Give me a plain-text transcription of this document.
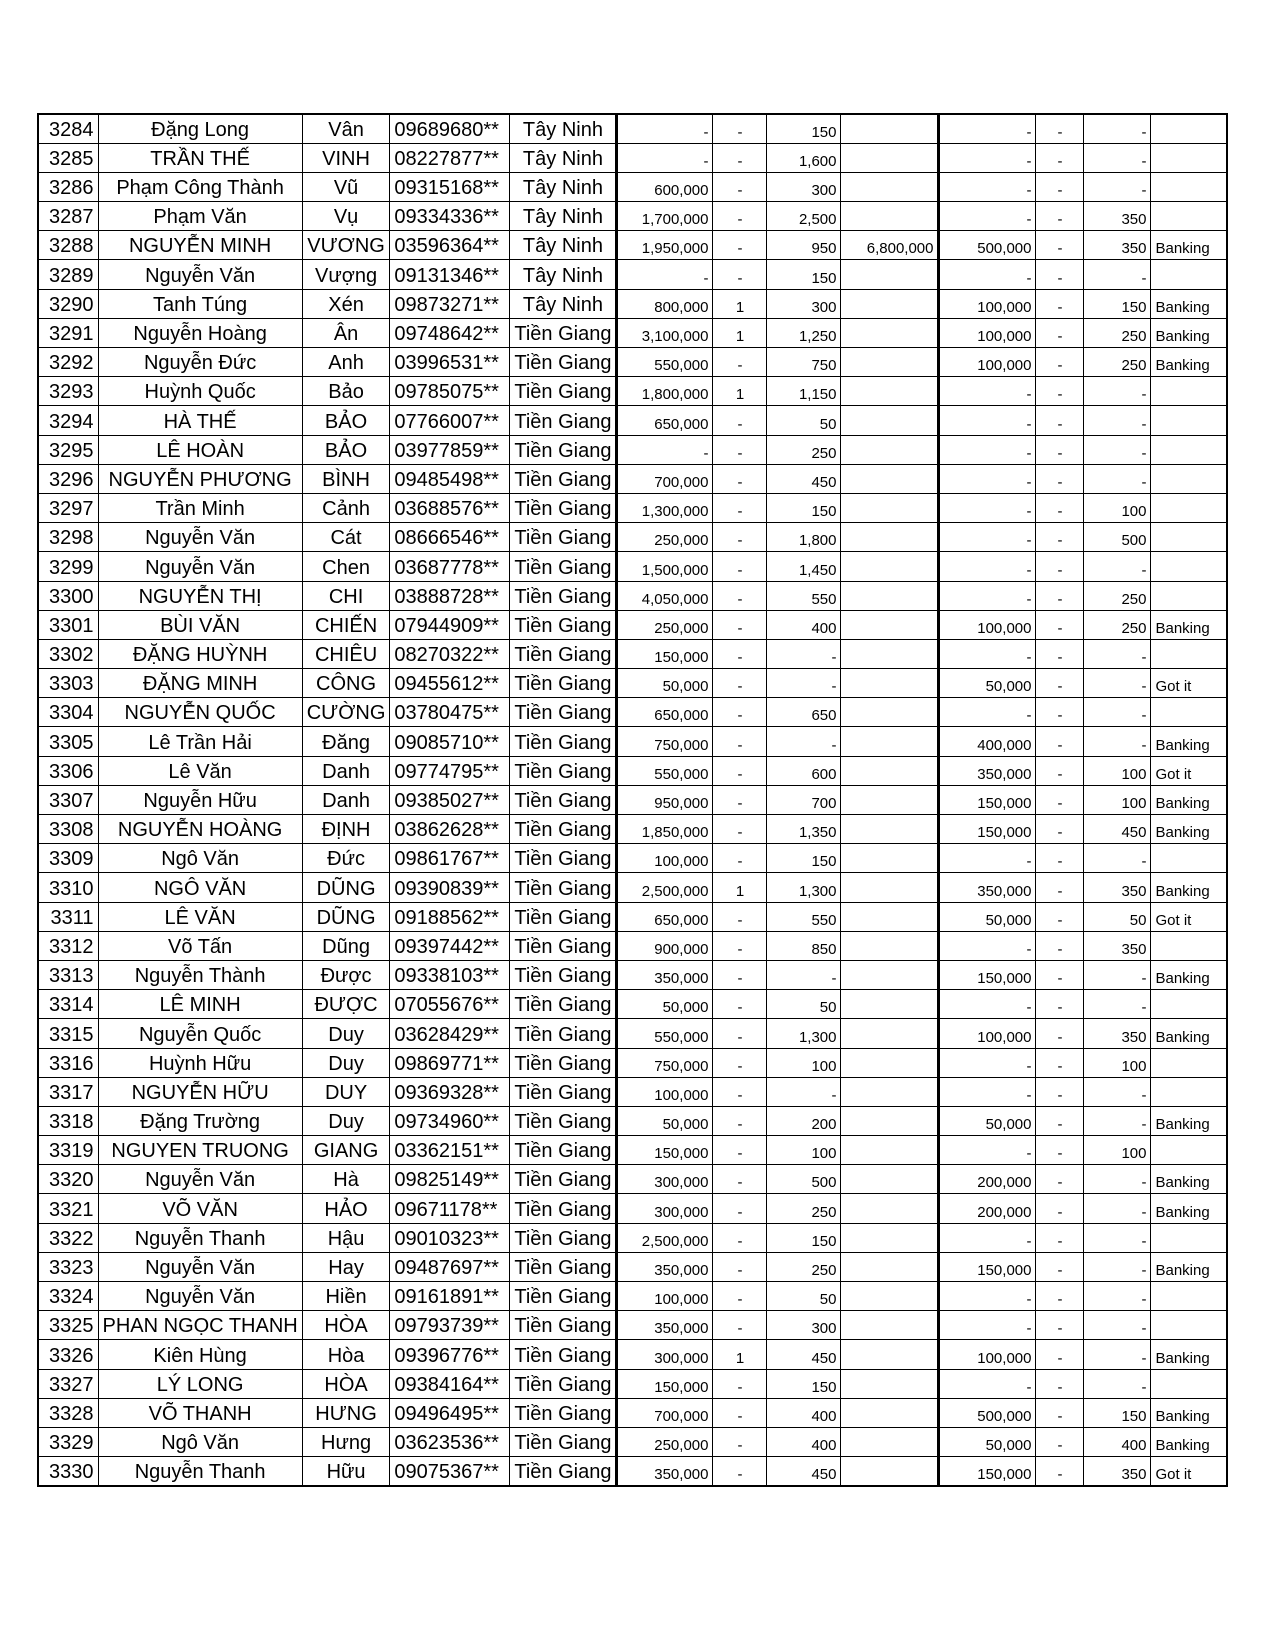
3284	Đặng Long	Vân	09689680**	Tây Ninh	-	-	150		-	-	-	
3285	TRẦN THẾ	VINH	08227877**	Tây Ninh	-	-	1,600		-	-	-	
3286	Phạm Công Thành	Vũ	09315168**	Tây Ninh	600,000	-	300		-	-	-	
3287	Phạm Văn	Vụ	09334336**	Tây Ninh	1,700,000	-	2,500		-	-	350	
3288	NGUYỄN MINH	VƯƠNG	03596364**	Tây Ninh	1,950,000	-	950	6,800,000	500,000	-	350	Banking
3289	Nguyễn Văn	Vượng	09131346**	Tây Ninh	-	-	150		-	-	-	
3290	Tanh Túng	Xén	09873271**	Tây Ninh	800,000	1	300		100,000	-	150	Banking
3291	Nguyễn Hoàng	Ân	09748642**	Tiền Giang	3,100,000	1	1,250		100,000	-	250	Banking
3292	Nguyễn Đức	Anh	03996531**	Tiền Giang	550,000	-	750		100,000	-	250	Banking
3293	Huỳnh Quốc	Bảo	09785075**	Tiền Giang	1,800,000	1	1,150		-	-	-	
3294	HÀ THẾ	BẢO	07766007**	Tiền Giang	650,000	-	50		-	-	-	
3295	LÊ HOÀN	BẢO	03977859**	Tiền Giang	-	-	250		-	-	-	
3296	NGUYỄN PHƯƠNG	BÌNH	09485498**	Tiền Giang	700,000	-	450		-	-	-	
3297	Trần Minh	Cảnh	03688576**	Tiền Giang	1,300,000	-	150		-	-	100	
3298	Nguyễn Văn	Cát	08666546**	Tiền Giang	250,000	-	1,800		-	-	500	
3299	Nguyễn Văn	Chen	03687778**	Tiền Giang	1,500,000	-	1,450		-	-	-	
3300	NGUYỄN THỊ	CHI	03888728**	Tiền Giang	4,050,000	-	550		-	-	250	
3301	BÙI VĂN	CHIẾN	07944909**	Tiền Giang	250,000	-	400		100,000	-	250	Banking
3302	ĐẶNG HUỲNH	CHIÊU	08270322**	Tiền Giang	150,000	-	-		-	-	-	
3303	ĐẶNG MINH	CÔNG	09455612**	Tiền Giang	50,000	-	-		50,000	-	-	Got it
3304	NGUYỄN QUỐC	CƯỜNG	03780475**	Tiền Giang	650,000	-	650		-	-	-	
3305	Lê Trần Hải	Đăng	09085710**	Tiền Giang	750,000	-	-		400,000	-	-	Banking
3306	Lê Văn	Danh	09774795**	Tiền Giang	550,000	-	600		350,000	-	100	Got it
3307	Nguyễn Hữu	Danh	09385027**	Tiền Giang	950,000	-	700		150,000	-	100	Banking
3308	NGUYỄN HOÀNG	ĐỊNH	03862628**	Tiền Giang	1,850,000	-	1,350		150,000	-	450	Banking
3309	Ngô Văn	Đức	09861767**	Tiền Giang	100,000	-	150		-	-	-	
3310	NGÔ VĂN	DŨNG	09390839**	Tiền Giang	2,500,000	1	1,300		350,000	-	350	Banking
3311	LÊ VĂN	DŨNG	09188562**	Tiền Giang	650,000	-	550		50,000	-	50	Got it
3312	Võ Tấn	Dũng	09397442**	Tiền Giang	900,000	-	850		-	-	350	
3313	Nguyễn Thành	Được	09338103**	Tiền Giang	350,000	-	-		150,000	-	-	Banking
3314	LÊ MINH	ĐƯỢC	07055676**	Tiền Giang	50,000	-	50		-	-	-	
3315	Nguyễn Quốc	Duy	03628429**	Tiền Giang	550,000	-	1,300		100,000	-	350	Banking
3316	Huỳnh Hữu	Duy	09869771**	Tiền Giang	750,000	-	100		-	-	100	
3317	NGUYỄN HỮU	DUY	09369328**	Tiền Giang	100,000	-	-		-	-	-	
3318	Đặng Trường	Duy	09734960**	Tiền Giang	50,000	-	200		50,000	-	-	Banking
3319	NGUYEN TRUONG	GIANG	03362151**	Tiền Giang	150,000	-	100		-	-	100	
3320	Nguyễn Văn	Hà	09825149**	Tiền Giang	300,000	-	500		200,000	-	-	Banking
3321	VÕ VĂN	HẢO	09671178**	Tiền Giang	300,000	-	250		200,000	-	-	Banking
3322	Nguyễn Thanh	Hậu	09010323**	Tiền Giang	2,500,000	-	150		-	-	-	
3323	Nguyễn Văn	Hay	09487697**	Tiền Giang	350,000	-	250		150,000	-	-	Banking
3324	Nguyễn Văn	Hiền	09161891**	Tiền Giang	100,000	-	50		-	-	-	
3325	PHAN NGỌC THANH	HÒA	09793739**	Tiền Giang	350,000	-	300		-	-	-	
3326	Kiên Hùng	Hòa	09396776**	Tiền Giang	300,000	1	450		100,000	-	-	Banking
3327	LÝ LONG	HÒA	09384164**	Tiền Giang	150,000	-	150		-	-	-	
3328	VÕ THANH	HƯNG	09496495**	Tiền Giang	700,000	-	400		500,000	-	150	Banking
3329	Ngô Văn	Hưng	03623536**	Tiền Giang	250,000	-	400		50,000	-	400	Banking
3330	Nguyễn Thanh	Hữu	09075367**	Tiền Giang	350,000	-	450		150,000	-	350	Got it
